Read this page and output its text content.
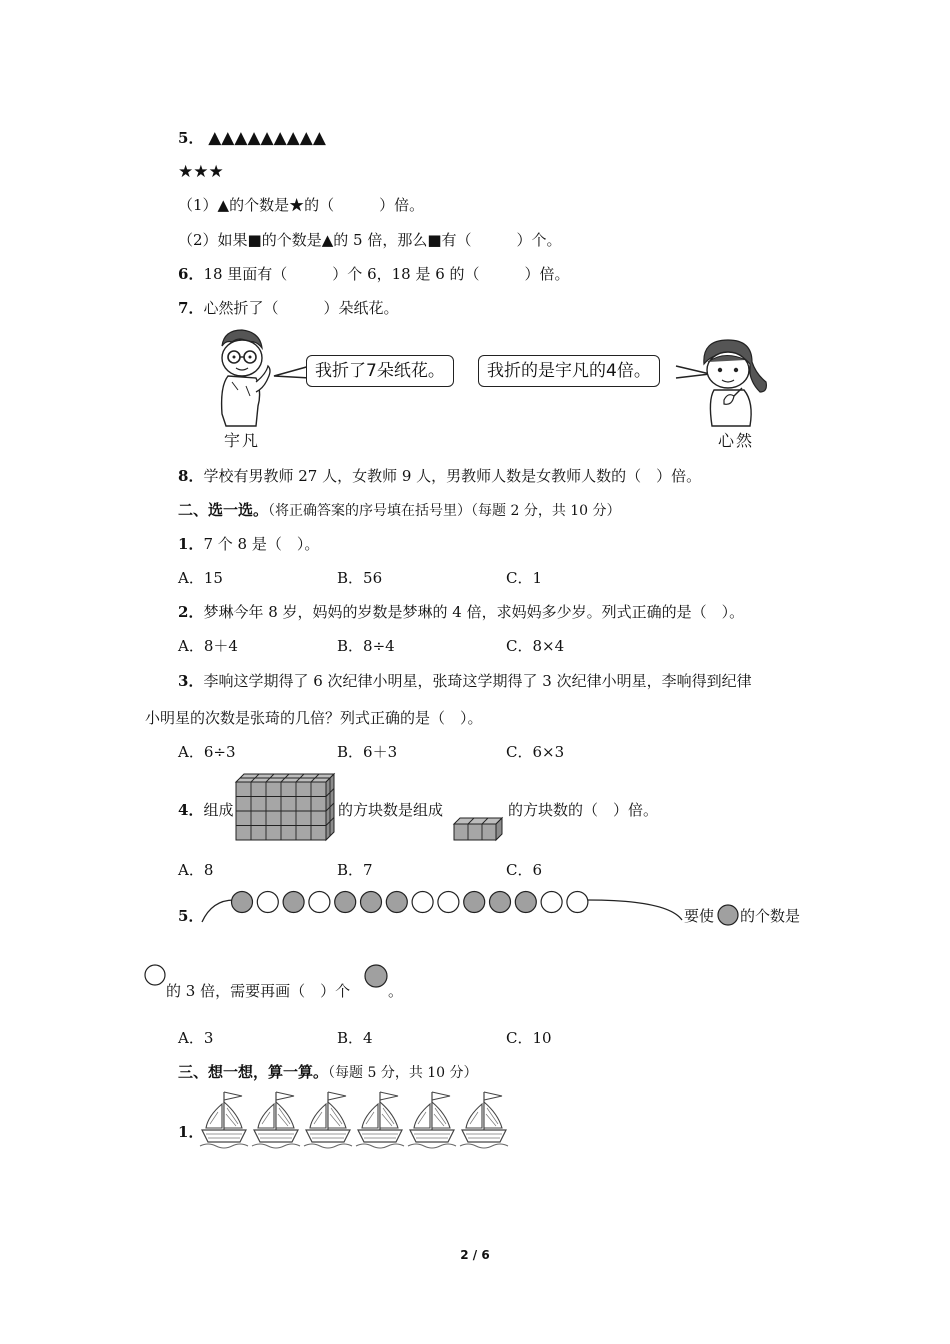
5． ▲▲▲▲▲▲▲▲▲
★★★
（1）▲的个数是★的（　　　）倍。
（2）如果■的个数是▲的 5 倍，那么■有（　　　）个。
6．18 里面有（　　　）个 6，18 是 6 的（　　　）倍。
7．心然折了（　　　）朵纸花。
宇凡
我折了7朵纸花。	我折的是宇凡的4倍。
心然
8．学校有男教师 27 人，女教师 9 人，男教师人数是女教师人数的（　）倍。
二、选一选。（将正确答案的序号填在括号里）（每题 2 分，共 10 分）
1．7 个 8 是（　）。
A．15	B．56	C．1
2．梦琳今年 8 岁，妈妈的岁数是梦琳的 4 倍，求妈妈多少岁。列式正确的是（　）。
A．8＋4	B．8÷4	C．8×4
3．李响这学期得了 6 次纪律小明星，张琦这学期得了 3 次纪律小明星，李响得到纪律
小明星的次数是张琦的几倍？列式正确的是（　）。
A．6÷3	B．6＋3	C．6×3
4．组成	的方块数是组成	的方块数的（　）倍。
A．8	B．7	C．6
5．	要使 的个数是
的 3 倍，需要再画（　）个	。
A．3	B．4	C．10
三、想一想，算一算。（每题 5 分，共 10 分）
1．
2 / 6
